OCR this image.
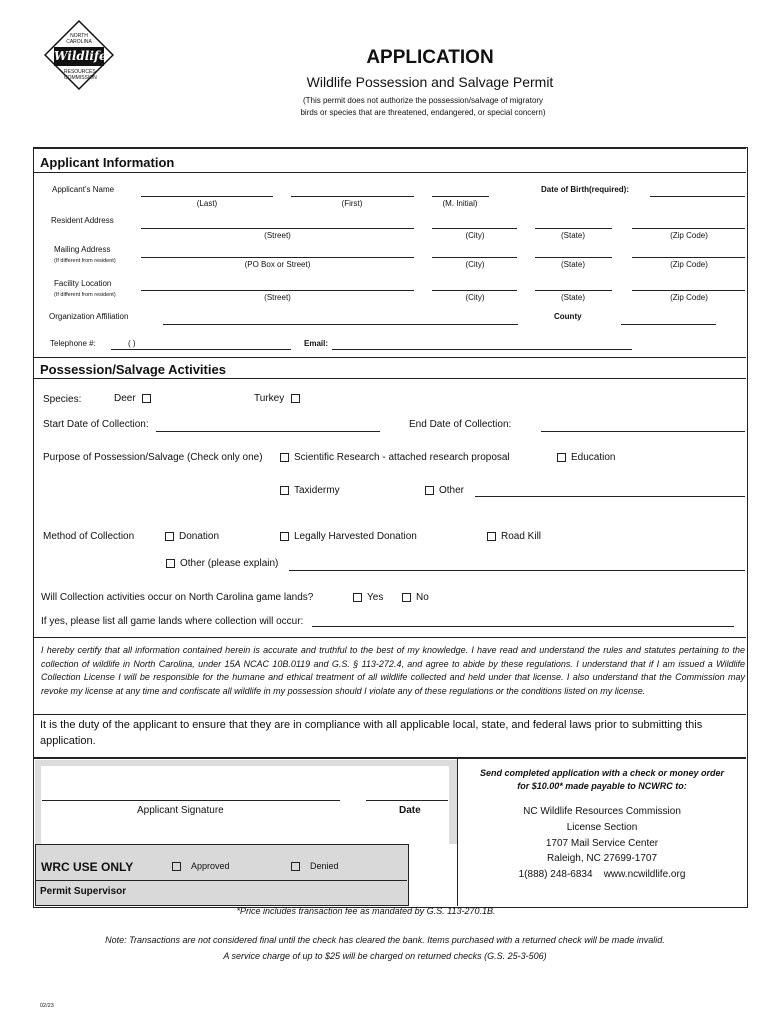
NORTH CAROLINA
Wildlife
RESOURCES COMMISSION
APPLICATION
Wildlife Possession and Salvage Permit
(This permit does not authorize the possession/salvage of migratory
birds or species that are threatened, endangered, or special concern)
Applicant Information
Applicant’s Name	Date of Birth(required):
(Last)	(First)	(M. Initial)
Resident Address
(Street)	(City)	(State)	(Zip Code)
Mailing Address
(If different from resident)	(PO Box or Street)	(City)	(State)	(Zip Code)
Facility Location
(If different from resident)	(Street)	(City)	(State)	(Zip Code)
Organization Affiliation	County
Telephone #:	( )	Email:
Possession/Salvage Activities
Species:	Deer	Turkey
Start Date of Collection:	End Date of Collection:
Purpose of Possession/Salvage (Check only one)	Scientific Research - attached research proposal	Education
Taxidermy	Other
Method of Collection	Donation	Legally Harvested Donation	Road Kill
Other (please explain)
Will Collection activities occur on North Carolina game lands?	Yes	No
If yes, please list all game lands where collection will occur:
I hereby certify that all information contained herein is accurate and truthful to the best of my knowledge. I have read and understand the rules and statutes pertaining to the collection of wildlife in North Carolina, under 15A NCAC 10B.0119 and G.S. § 113-272.4, and agree to abide by these regulations. I understand that if I am issued a Wildlife Collection License I will be responsible for the humane and ethical treatment of all wildlife collected and held under that license. I also understand that the Commission may revoke my license at any time and confiscate all wildlife in my possession should I violate any of these regulations or the conditions listed on my license.
It is the duty of the applicant to ensure that they are in compliance with all applicable local, state, and federal laws prior to submitting this application.
Applicant Signature	Date
WRC USE ONLY	Approved	Denied
Permit Supervisor
Send completed application with a check or money order
for $10.00* made payable to NCWRC to:
NC Wildlife Resources Commission
License Section
1707 Mail Service Center
Raleigh, NC 27699-1707
1(888) 248-6834 www.ncwildlife.org
*Price includes transaction fee as mandated by G.S. 113-270.1B.
Note: Transactions are not considered final until the check has cleared the bank. Items purchased with a returned check will be made invalid.
A service charge of up to $25 will be charged on returned checks (G.S. 25-3-506)
02/23
